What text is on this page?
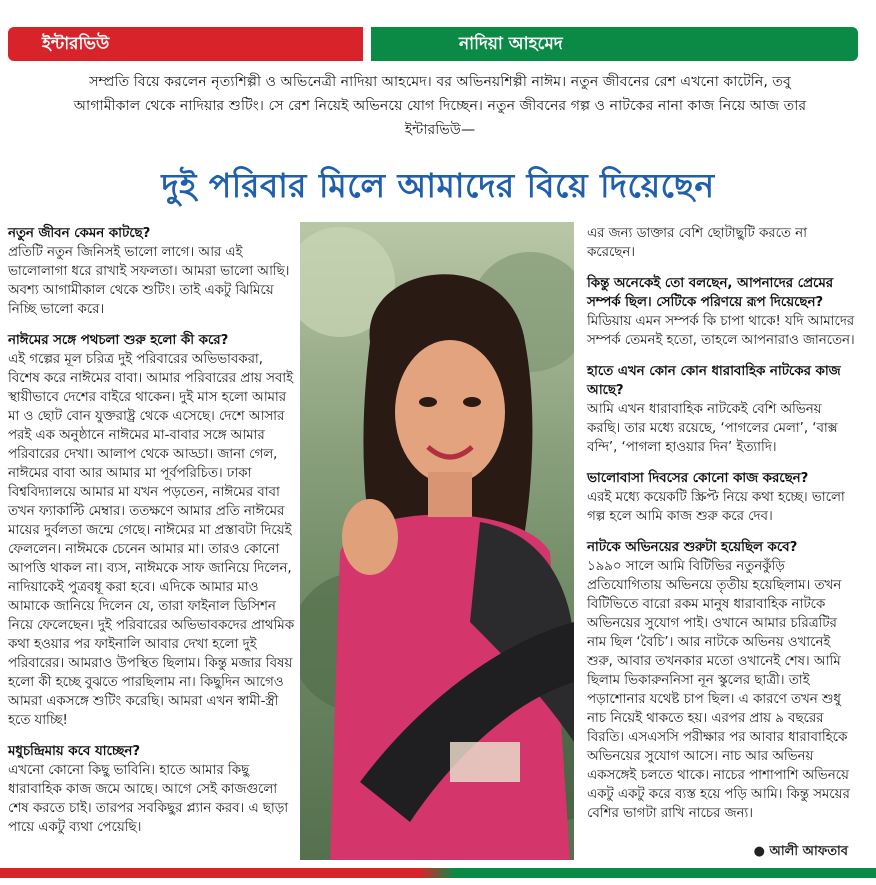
ইন্টারভিউ	নাদিয়া আহমেদ
সম্প্রতি বিয়ে করলেন নৃত্যশিল্পী ও অভিনেত্রী নাদিয়া আহমেদ। বর অভিনয়শিল্পী নাঈম। নতুন জীবনের রেশ এখনো কাটেনি, তবু আগামীকাল থেকে নাদিয়ার শুটিং। সে রেশ নিয়েই অভিনয়ে যোগ দিচ্ছেন। নতুন জীবনের গল্প ও নাটকের নানা কাজ নিয়ে আজ তার ইন্টারভিউ—
দুই পরিবার মিলে আমাদের বিয়ে দিয়েছেন
নতুন জীবন কেমন কাটছে?
প্রতিটি নতুন জিনিসই ভালো লাগে। আর এই ভালোলাগা ধরে রাখাই সফলতা। আমরা ভালো আছি। অবশ্য আগামীকাল থেকে শুটিং। তাই একটু ঝিমিয়ে নিচ্ছি ভালো করে।
নাঈমের সঙ্গে পথচলা শুরু হলো কী করে?
এই গল্পের মূল চরিত্র দুই পরিবারের অভিভাবকরা, বিশেষ করে নাঈমের বাবা। আমার পরিবারের প্রায় সবাই স্থায়ীভাবে দেশের বাইরে থাকেন। দুই মাস হলো আমার মা ও ছোট বোন যুক্তরাষ্ট্র থেকে এসেছে। দেশে আসার পরই এক অনুষ্ঠানে নাঈমের মা-বাবার সঙ্গে আমার পরিবারের দেখা। আলাপ থেকে আড্ডা। জানা গেল, নাঈমের বাবা আর আমার মা পূর্বপরিচিত। ঢাকা বিশ্ববিদ্যালয়ে আমার মা যখন পড়তেন, নাঈমের বাবা তখন ফ্যাকাল্টি মেম্বার। ততক্ষণে আমার প্রতি নাঈমের মায়ের দুর্বলতা জন্মে গেছে। নাঈমের মা প্রস্তাবটা দিয়েই ফেললেন। নাঈমকে চেনেন আমার মা। তারও কোনো আপত্তি থাকল না। ব্যস, নাঈমকে সাফ জানিয়ে দিলেন, নাদিয়াকেই পুত্রবধূ করা হবে। এদিকে আমার মাও আমাকে জানিয়ে দিলেন যে, তারা ফাইনাল ডিসিশন নিয়ে ফেলেছেন। দুই পরিবারের অভিভাবকদের প্রাথমিক কথা হওয়ার পর ফাইনালি আবার দেখা হলো দুই পরিবারের। আমরাও উপস্থিত ছিলাম। কিন্তু মজার বিষয় হলো কী হচ্ছে বুঝতে পারছিলাম না। কিছুদিন আগেও আমরা একসঙ্গে শুটিং করেছি। আমরা এখন স্বামী-স্ত্রী হতে যাচ্ছি!
মধুচন্দ্রিমায় কবে যাচ্ছেন?
এখনো কোনো কিছু ভাবিনি। হাতে আমার কিছু ধারাবাহিক কাজ জমে আছে। আগে সেই কাজগুলো শেষ করতে চাই। তারপর সবকিছুর প্ল্যান করব। এ ছাড়া পায়ে একটু ব্যথা পেয়েছি।
এর জন্য ডাক্তার বেশি ছোটাছুটি করতে না করেছেন।
কিন্তু অনেকেই তো বলছেন, আপনাদের প্রেমের সম্পর্ক ছিল। সেটিকে পরিণয়ে রূপ দিয়েছেন?
মিডিয়ায় এমন সম্পর্ক কি চাপা থাকে! যদি আমাদের সম্পর্ক তেমনই হতো, তাহলে আপনারাও জানতেন।
হাতে এখন কোন কোন ধারাবাহিক নাটকের কাজ আছে?
আমি এখন ধারাবাহিক নাটকেই বেশি অভিনয় করছি। তার মধ্যে রয়েছে, ‘পাগলের মেলা’, ‘বাক্স বন্দি’, ‘পাগলা হাওয়ার দিন’ ইত্যাদি।
ভালোবাসা দিবসের কোনো কাজ করছেন?
এরই মধ্যে কয়েকটি স্ক্রিপ্ট নিয়ে কথা হচ্ছে। ভালো গল্প হলে আমি কাজ শুরু করে দেব।
নাটকে অভিনয়ের শুরুটা হয়েছিল কবে?
১৯৯০ সালে আমি বিটিভির নতুনকুঁড়ি প্রতিযোগিতায় অভিনয়ে তৃতীয় হয়েছিলাম। তখন বিটিভিতে বারো রকম মানুষ ধারাবাহিক নাটকে অভিনয়ের সুযোগ পাই। ওখানে আমার চরিত্রটির নাম ছিল ‘বৈচি’। আর নাটকে অভিনয় ওখানেই শুরু, আবার তখনকার মতো ওখানেই শেষ। আমি ছিলাম ভিকারুননিসা নূন স্কুলের ছাত্রী। তাই পড়াশোনার যথেষ্ট চাপ ছিল। এ কারণে তখন শুধু নাচ নিয়েই থাকতে হয়। এরপর প্রায় ৯ বছরের বিরতি। এসএসসি পরীক্ষার পর আবার ধারাবাহিকে অভিনয়ের সুযোগ আসে। নাচ আর অভিনয় একসঙ্গেই চলতে থাকে। নাচের পাশাপাশি অভিনয়ে একটু একটু করে ব্যস্ত হয়ে পড়ি আমি। কিন্তু সময়ের বেশির ভাগটা রাখি নাচের জন্য।
● আলী আফতাব
